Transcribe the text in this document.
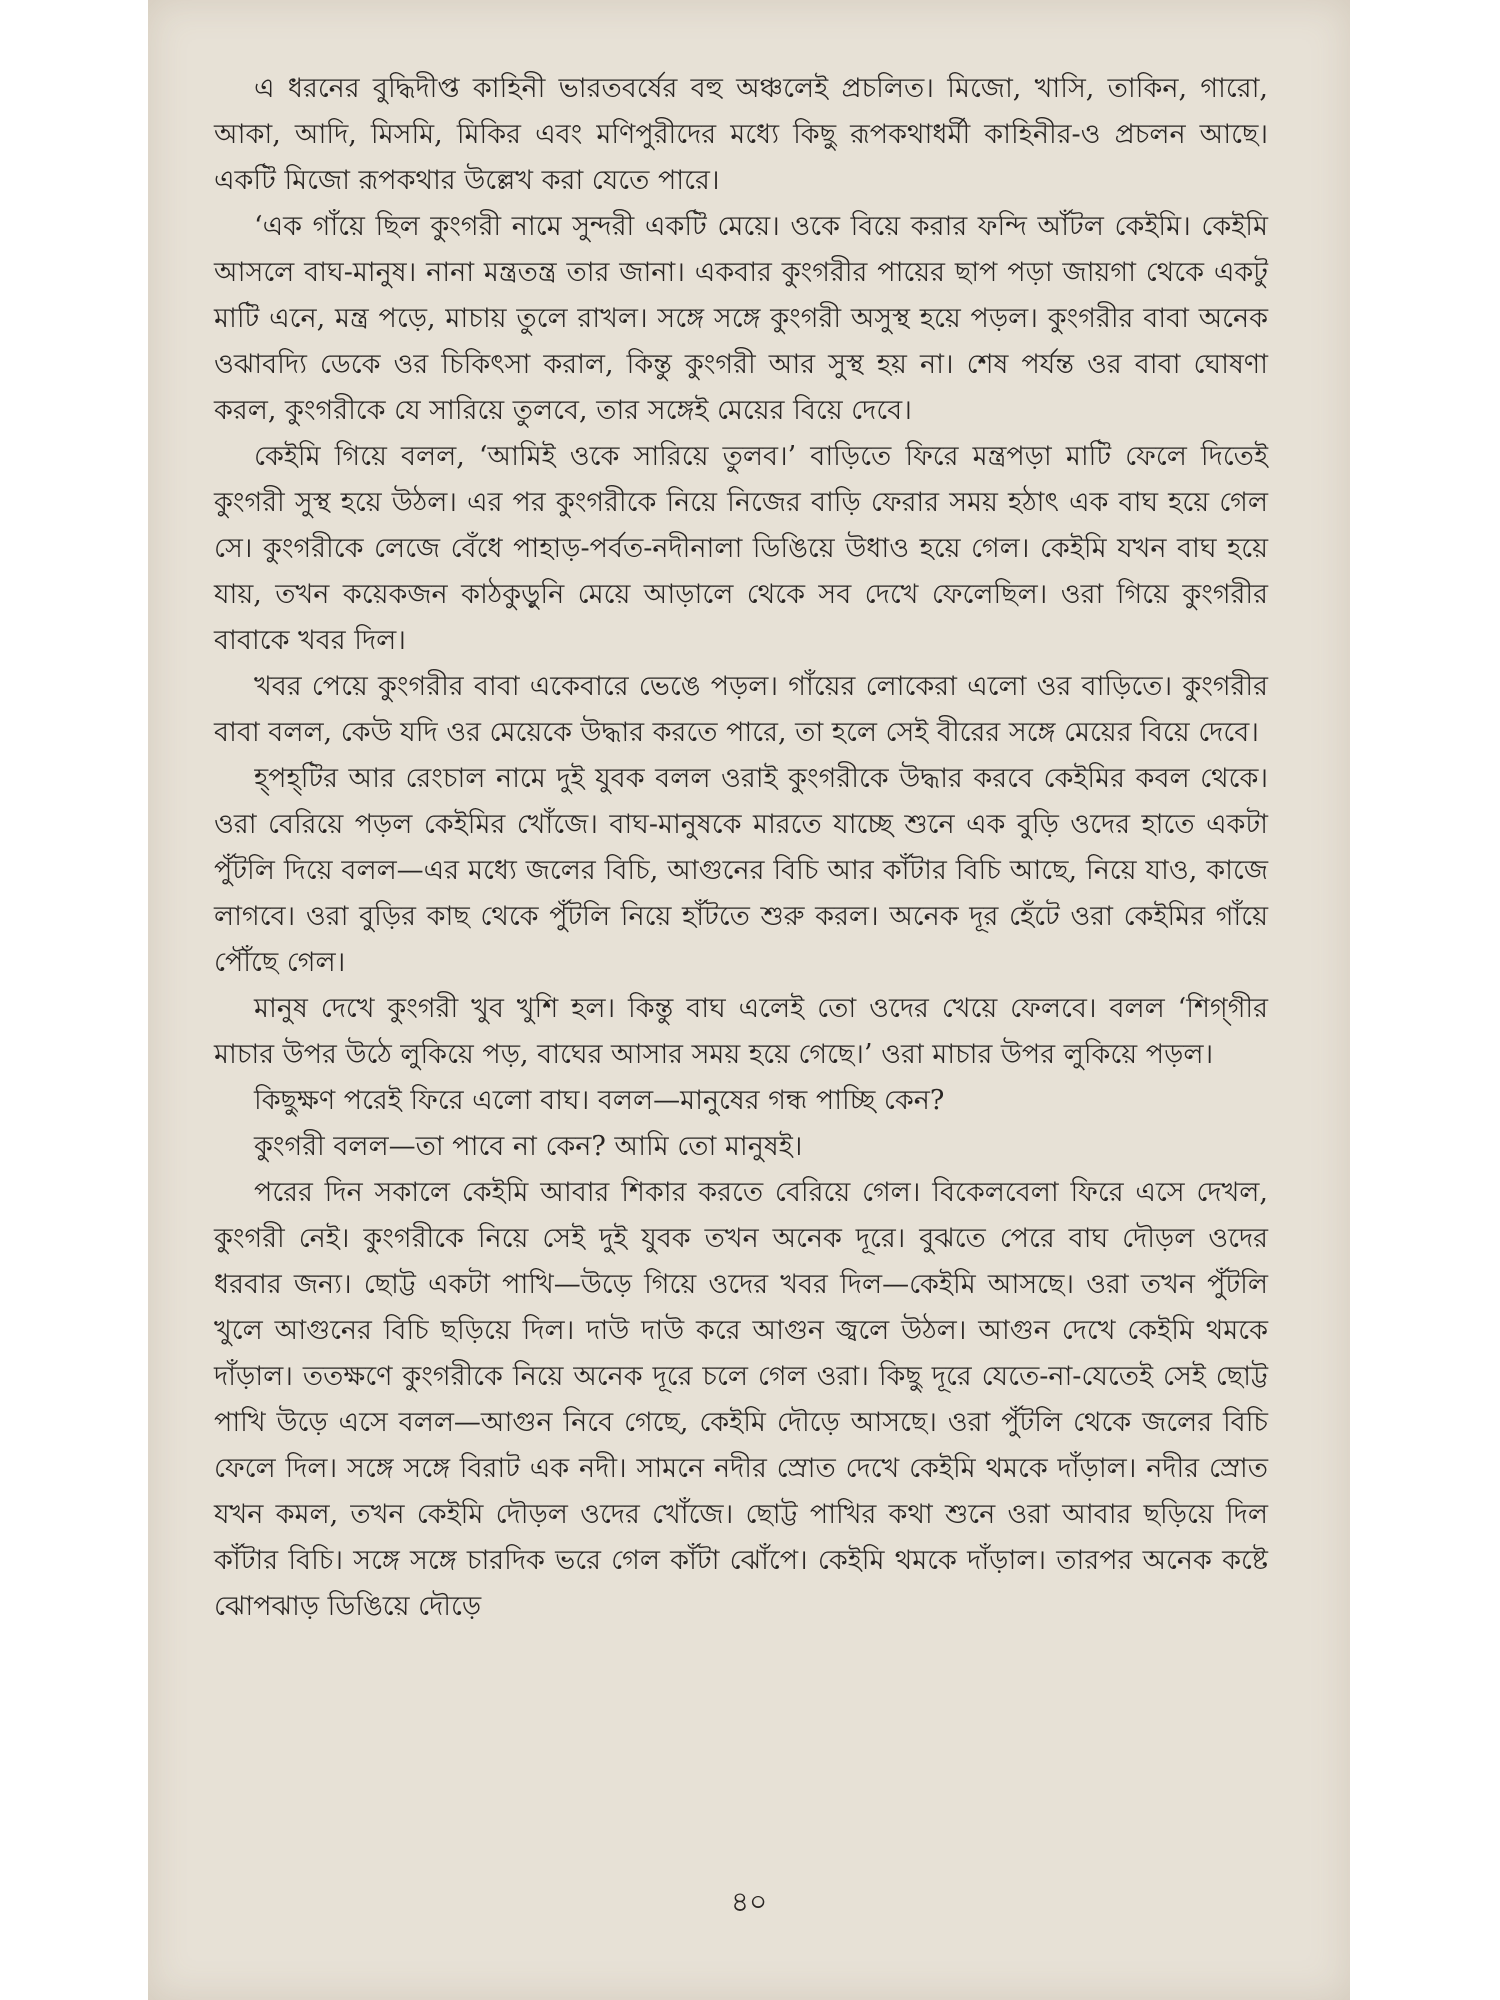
এ ধরনের বুদ্ধিদীপ্ত কাহিনী ভারতবর্ষের বহু অঞ্চলেই প্রচলিত। মিজো, খাসি, তাকিন, গারো, আকা, আদি, মিসমি, মিকির এবং মণিপুরীদের মধ্যে কিছু রূপকথাধর্মী কাহিনীর-ও প্রচলন আছে। একটি মিজো রূপকথার উল্লেখ করা যেতে পারে।

‘এক গাঁয়ে ছিল কুংগরী নামে সুন্দরী একটি মেয়ে। ওকে বিয়ে করার ফন্দি আঁটল কেইমি। কেইমি আসলে বাঘ-মানুষ। নানা মন্ত্রতন্ত্র তার জানা। একবার কুংগরীর পায়ের ছাপ পড়া জায়গা থেকে একটু মাটি এনে, মন্ত্র পড়ে, মাচায় তুলে রাখল। সঙ্গে সঙ্গে কুংগরী অসুস্থ হয়ে পড়ল। কুংগরীর বাবা অনেক ওঝাবদ্যি ডেকে ওর চিকিৎসা করাল, কিন্তু কুংগরী আর সুস্থ হয় না। শেষ পর্যন্ত ওর বাবা ঘোষণা করল, কুংগরীকে যে সারিয়ে তুলবে, তার সঙ্গেই মেয়ের বিয়ে দেবে।

কেইমি গিয়ে বলল, ‘আমিই ওকে সারিয়ে তুলব।’ বাড়িতে ফিরে মন্ত্রপড়া মাটি ফেলে দিতেই কুংগরী সুস্থ হয়ে উঠল। এর পর কুংগরীকে নিয়ে নিজের বাড়ি ফেরার সময় হঠাৎ এক বাঘ হয়ে গেল সে। কুংগরীকে লেজে বেঁধে পাহাড়-পর্বত-নদীনালা ডিঙিয়ে উধাও হয়ে গেল। কেইমি যখন বাঘ হয়ে যায়, তখন কয়েকজন কাঠকুড়ুনি মেয়ে আড়ালে থেকে সব দেখে ফেলেছিল। ওরা গিয়ে কুংগরীর বাবাকে খবর দিল।

খবর পেয়ে কুংগরীর বাবা একেবারে ভেঙে পড়ল। গাঁয়ের লোকেরা এলো ওর বাড়িতে। কুংগরীর বাবা বলল, কেউ যদি ওর মেয়েকে উদ্ধার করতে পারে, তা হলে সেই বীরের সঙ্গে মেয়ের বিয়ে দেবে।

হ্‌পহ্‌টির আর রেংচাল নামে দুই যুবক বলল ওরাই কুংগরীকে উদ্ধার করবে কেইমির কবল থেকে। ওরা বেরিয়ে পড়ল কেইমির খোঁজে। বাঘ-মানুষকে মারতে যাচ্ছে শুনে এক বুড়ি ওদের হাতে একটা পুঁটলি দিয়ে বলল—এর মধ্যে জলের বিচি, আগুনের বিচি আর কাঁটার বিচি আছে, নিয়ে যাও, কাজে লাগবে। ওরা বুড়ির কাছ থেকে পুঁটলি নিয়ে হাঁটতে শুরু করল। অনেক দূর হেঁটে ওরা কেইমির গাঁয়ে পৌঁছে গেল।

মানুষ দেখে কুংগরী খুব খুশি হল। কিন্তু বাঘ এলেই তো ওদের খেয়ে ফেলবে। বলল ‘শিগ্‌গীর মাচার উপর উঠে লুকিয়ে পড়, বাঘের আসার সময় হয়ে গেছে।’ ওরা মাচার উপর লুকিয়ে পড়ল।

কিছুক্ষণ পরেই ফিরে এলো বাঘ। বলল—মানুষের গন্ধ পাচ্ছি কেন?

কুংগরী বলল—তা পাবে না কেন? আমি তো মানুষই।

পরের দিন সকালে কেইমি আবার শিকার করতে বেরিয়ে গেল। বিকেলবেলা ফিরে এসে দেখল, কুংগরী নেই। কুংগরীকে নিয়ে সেই দুই যুবক তখন অনেক দূরে। বুঝতে পেরে বাঘ দৌড়ল ওদের ধরবার জন্য। ছোট্ট একটা পাখি—উড়ে গিয়ে ওদের খবর দিল—কেইমি আসছে। ওরা তখন পুঁটলি খুলে আগুনের বিচি ছড়িয়ে দিল। দাউ দাউ করে আগুন জ্বলে উঠল। আগুন দেখে কেইমি থমকে দাঁড়াল। ততক্ষণে কুংগরীকে নিয়ে অনেক দূরে চলে গেল ওরা। কিছু দূরে যেতে-না-যেতেই সেই ছোট্ট পাখি উড়ে এসে বলল—আগুন নিবে গেছে, কেইমি দৌড়ে আসছে। ওরা পুঁটলি থেকে জলের বিচি ফেলে দিল। সঙ্গে সঙ্গে বিরাট এক নদী। সামনে নদীর স্রোত দেখে কেইমি থমকে দাঁড়াল। নদীর স্রোত যখন কমল, তখন কেইমি দৌড়ল ওদের খোঁজে। ছোট্ট পাখির কথা শুনে ওরা আবার ছড়িয়ে দিল কাঁটার বিচি। সঙ্গে সঙ্গে চারদিক ভরে গেল কাঁটা ঝোঁপে। কেইমি থমকে দাঁড়াল। তারপর অনেক কষ্টে ঝোপঝাড় ডিঙিয়ে দৌড়ে

৪০
